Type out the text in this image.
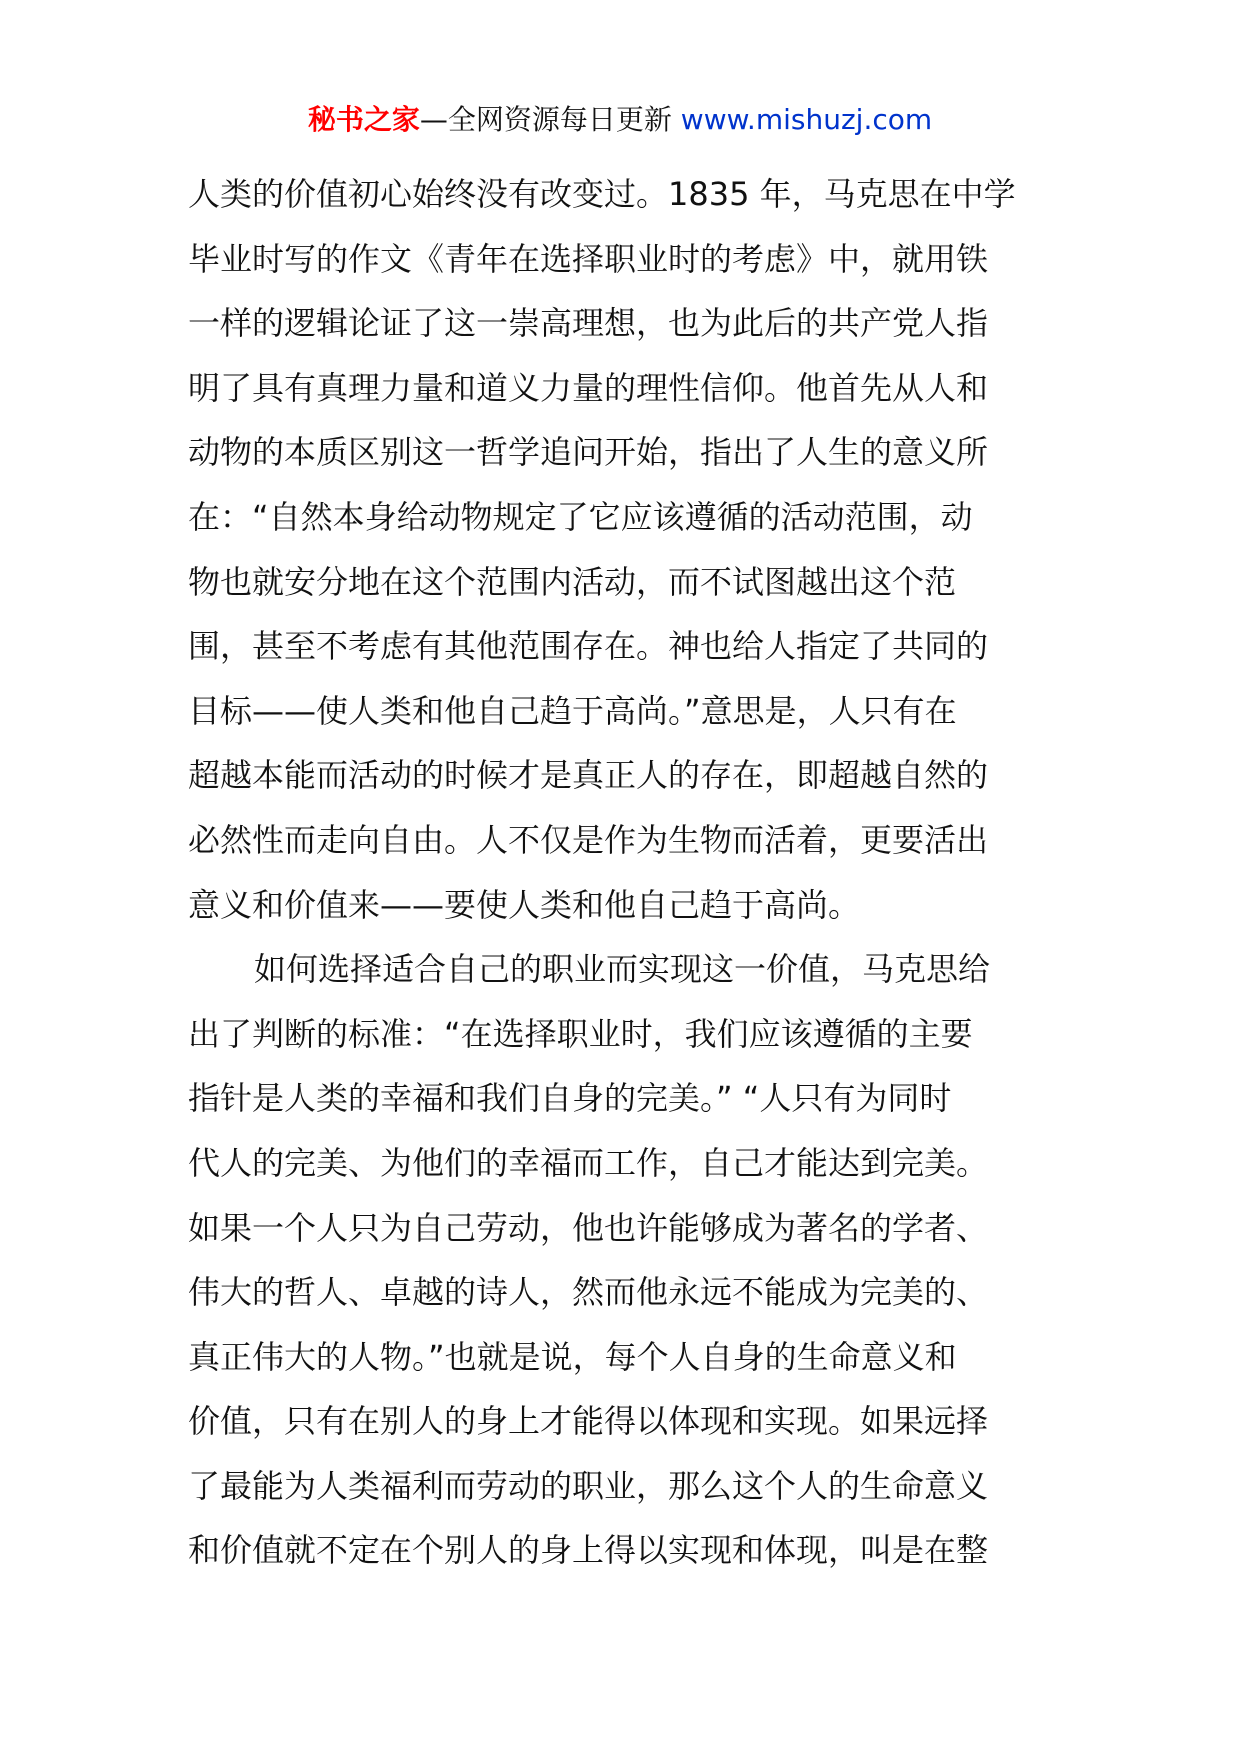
秘书之家—全网资源每日更新 www.mishuzj.com
人类的价值初心始终没有改变过。1835 年，马克思在中学
毕业时写的作文《青年在选择职业时的考虑》中，就用铁
一样的逻辑论证了这一崇高理想，也为此后的共产党人指
明了具有真理力量和道义力量的理性信仰。他首先从人和
动物的本质区别这一哲学追问开始，指出了人生的意义所
在：“自然本身给动物规定了它应该遵循的活动范围，动
物也就安分地在这个范围内活动，而不试图越出这个范
围，甚至不考虑有其他范围存在。神也给人指定了共同的
目标——使人类和他自己趋于高尚。”意思是，人只有在
超越本能而活动的时候才是真正人的存在，即超越自然的
必然性而走向自由。人不仅是作为生物而活着，更要活出
意义和价值来——要使人类和他自己趋于高尚。
如何选择适合自己的职业而实现这一价值，马克思给
出了判断的标准：“在选择职业时，我们应该遵循的主要
指针是人类的幸福和我们自身的完美。” “人只有为同时
代人的完美、为他们的幸福而工作，自己才能达到完美。
如果一个人只为自己劳动，他也许能够成为著名的学者、
伟大的哲人、卓越的诗人，然而他永远不能成为完美的、
真正伟大的人物。”也就是说，每个人自身的生命意义和
价值，只有在别人的身上才能得以体现和实现。如果远择
了最能为人类福利而劳动的职业，那么这个人的生命意义
和价值就不定在个别人的身上得以实现和体现，叫是在整
